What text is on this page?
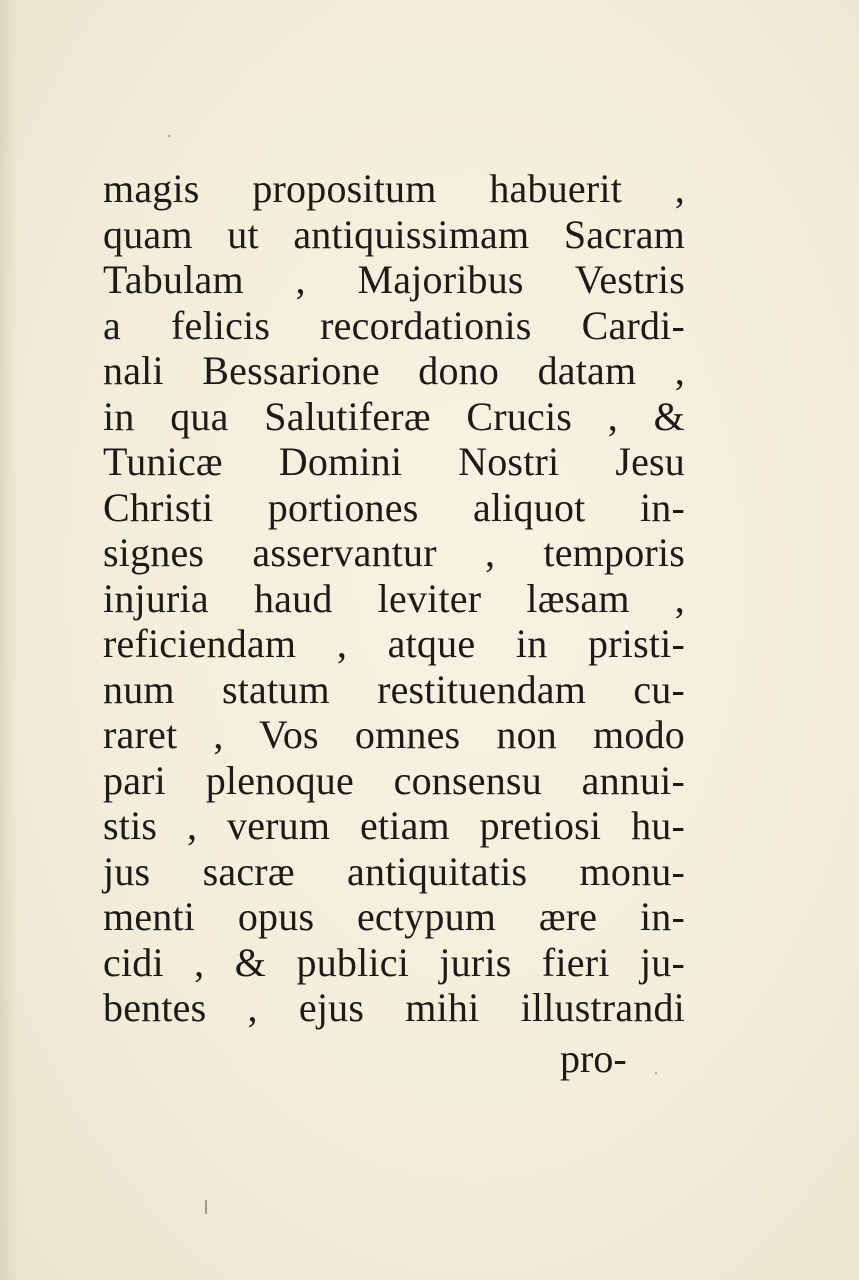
magis propositum habuerit ,
quam ut antiquissimam Sacram
Tabulam , Majoribus Vestris
a felicis recordationis Cardi-
nali Bessarione dono datam ,
in qua Salutiferæ Crucis , &
Tunicæ Domini Nostri Jesu
Christi portiones aliquot in-
signes asservantur , temporis
injuria haud leviter læsam ,
reficiendam , atque in pristi-
num statum restituendam cu-
raret , Vos omnes non modo
pari plenoque consensu annui-
stis , verum etiam pretiosi hu-
jus sacræ antiquitatis monu-
menti opus ectypum ære in-
cidi , & publici juris fieri ju-
bentes , ejus mihi illustrandi
pro-
